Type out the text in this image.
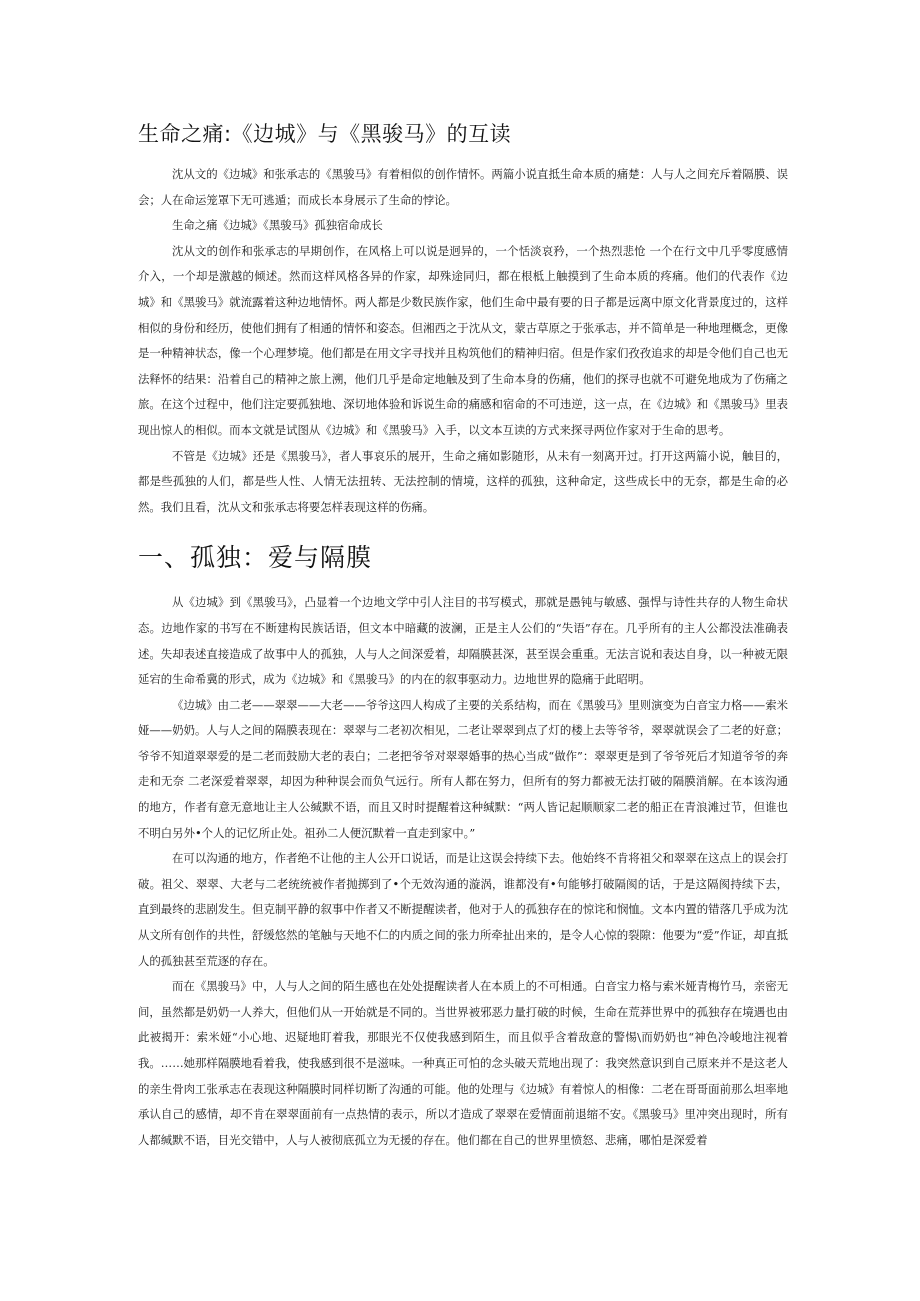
生命之痛:《边城》与《黑骏马》的互读

沈从文的《边城》和张承志的《黑骏马》有着相似的创作情怀。两篇小说直抵生命本质的痛楚：人与人之间充斥着隔膜、误会；人在命运笼罩下无可逃遁；而成长本身展示了生命的悖论。

生命之痛《边城》《黑骏马》孤独宿命成长

沈从文的创作和张承志的早期创作，在风格上可以说是迥异的，一个恬淡哀矜，一个热烈悲怆 一个在行文中几乎零度感情介入，一个却是激越的倾述。然而这样风格各异的作家，却殊途同归，都在根柢上触摸到了生命本质的疼痛。他们的代表作《边城》和《黑骏马》就流露着这种边地情怀。两人都是少数民族作家，他们生命中最有要的日子都是远离中原文化背景度过的，这样相似的身份和经历，使他们拥有了相通的情怀和姿态。但湘西之于沈从文，蒙古草原之于张承志，并不简单是一种地理概念，更像是一种精神状态，像一个心理梦境。他们都是在用文字寻找并且构筑他们的精神归宿。但是作家们孜孜追求的却是令他们自己也无法释怀的结果：沿着自己的精神之旅上溯，他们几乎是命定地触及到了生命本身的伤痛，他们的探寻也就不可避免地成为了伤痛之旅。在这个过程中，他们注定要孤独地、深切地体验和诉说生命的痛感和宿命的不可违逆，这一点，在《边城》和《黑骏马》里表现出惊人的相似。而本文就是试图从《边城》和《黑骏马》入手，以文本互读的方式来探寻两位作家对于生命的思考。

不管是《边城》还是《黑骏马》，者人事哀乐的展开，生命之痛如影随形，从未有一刻离开过。打开这两篇小说，触目的，都是些孤独的人们，都是些人性、人情无法扭转、无法控制的情境，这样的孤独，这种命定，这些成长中的无奈，都是生命的必然。我们且看，沈从文和张承志将要怎样表现这样的伤痛。

一、孤独：爱与隔膜

从《边城》到《黑骏马》，凸显着一个边地文学中引人注目的书写模式，那就是愚钝与敏感、强悍与诗性共存的人物生命状态。边地作家的书写在不断建构民族话语，但文本中暗藏的波澜，正是主人公们的“失语”存在。几乎所有的主人公都没法准确表述。失却表述直接造成了故事中人的孤独，人与人之间深爱着，却隔膜甚深，甚至误会重重。无法言说和表达自身，以一种被无限延宕的生命希冀的形式，成为《边城》和《黑骏马》的内在的叙事驱动力。边地世界的隐痛于此昭明。

《边城》由二老——翠翠——大老——爷爷这四人构成了主要的关系结构，而在《黑骏马》里则演变为白音宝力格——索米娅——奶奶。人与人之间的隔膜表现在：翠翠与二老初次相见，二老让翠翠到点了灯的楼上去等爷爷，翠翠就误会了二老的好意；爷爷不知道翠翠爱的是二老而鼓励大老的表白；二老把爷爷对翠翠婚事的热心当成“做作”：翠翠更是到了爷爷死后才知道爷爷的奔走和无奈 二老深爱着翠翠，却因为种种误会而负气远行。所有人都在努力，但所有的努力都被无法打破的隔膜消解。在本该沟通的地方，作者有意无意地让主人公缄默不语，而且又时时提醒着这种缄默：“两人皆记起顺顺家二老的船正在青浪滩过节，但谁也不明白另外•个人的记忆所止处。祖孙二人便沉默着一直走到家中。”

在可以沟通的地方，作者绝不让他的主人公开口说话，而是让这误会持续下去。他始终不肯将祖父和翠翠在这点上的误会打破。祖父、翠翠、大老与二老统统被作者抛掷到了•个无效沟通的漩涡，谁都没有•句能够打破隔阂的话，于是这隔阂持续下去，直到最终的悲剧发生。但克制平静的叙事中作者又不断提醒读者，他对于人的孤独存在的惊诧和悯恤。文本内置的错落几乎成为沈从文所有创作的共性，舒缓悠然的笔触与天地不仁的内质之间的张力所牵扯出来的，是令人心惊的裂隙：他要为“爱”作证，却直抵人的孤独甚至荒逐的存在。

而在《黑骏马》中，人与人之间的陌生感也在处处提醒读者人在本质上的不可相通。白音宝力格与索米娅青梅竹马，亲密无间，虽然都是奶奶一人养大，但他们从一开始就是不同的。当世界被邪恶力量打破的时候，生命在荒莽世界中的孤独存在境遇也由此被揭开：索米娅“小心地、迟疑地盯着我，那眼光不仅使我感到陌生，而且似乎含着敌意的警惕\而奶奶也“神色冷峻地注视着我。……她那样隔膜地看着我，使我感到很不是滋味。一种真正可怕的念头破天荒地出现了：我突然意识到自己原来并不是这老人的亲生骨肉工张承志在表现这种隔膜时同样切断了沟通的可能。他的处理与《边城》有着惊人的相像：二老在哥哥面前那么坦率地承认自己的感情，却不肯在翠翠面前有一点热情的表示，所以才造成了翠翠在爱情面前退缩不安。《黑骏马》里冲突出现时，所有人都缄默不语，目光交错中，人与人被彻底孤立为无援的存在。他们都在自己的世界里愤怒、悲痛，哪怕是深爱着
